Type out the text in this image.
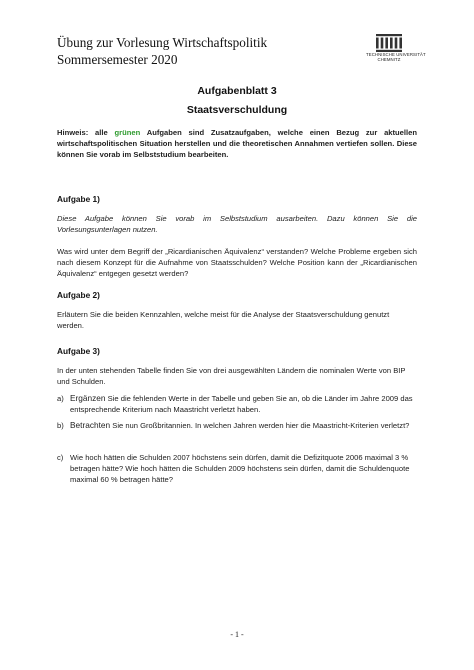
Übung zur Vorlesung Wirtschaftspolitik
Sommersemester 2020	TECHNISCHE UNIVERSITÄT
CHEMNITZ
Aufgabenblatt 3
Staatsverschuldung
Hinweis: alle grünen Aufgaben sind Zusatzaufgaben, welche einen Bezug zur aktuellen wirtschaftspolitischen Situation herstellen und die theoretischen Annahmen vertiefen sollen. Diese können Sie vorab im Selbststudium bearbeiten.
Aufgabe 1)
Diese Aufgabe können Sie vorab im Selbststudium ausarbeiten. Dazu können Sie die Vorlesungsunterlagen nutzen.
Was wird unter dem Begriff der „Ricardianischen Äquivalenz“ verstanden? Welche Probleme ergeben sich nach diesem Konzept für die Aufnahme von Staatsschulden? Welche Position kann der „Ricardianischen Äquivalenz“ entgegen gesetzt werden?
Aufgabe 2)
Erläutern Sie die beiden Kennzahlen, welche meist für die Analyse der Staatsverschuldung genutzt werden.
Aufgabe 3)
In der unten stehenden Tabelle finden Sie von drei ausgewählten Ländern die nominalen Werte von BIP und Schulden.
a) Ergänzen Sie die fehlenden Werte in der Tabelle und geben Sie an, ob die Länder im Jahre 2009 das entsprechende Kriterium nach Maastricht verletzt haben.
b) Betrachten Sie nun Großbritannien. In welchen Jahren werden hier die Maastricht-Kriterien verletzt?
c) Wie hoch hätten die Schulden 2007 höchstens sein dürfen, damit die Defizitquote 2006 maximal 3 % betragen hätte? Wie hoch hätten die Schulden 2009 höchstens sein dürfen, damit die Schuldenquote maximal 60 % betragen hätte?
- 1 -
